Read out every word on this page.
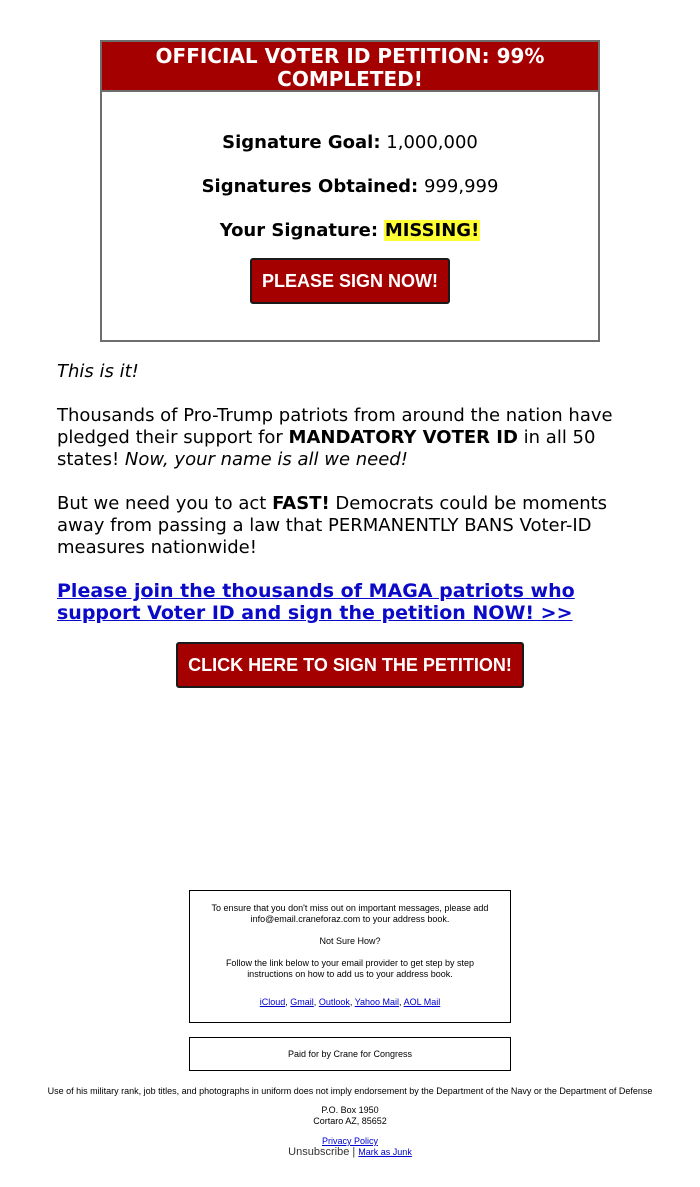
OFFICIAL VOTER ID PETITION: 99% COMPLETED!
Signature Goal: 1,000,000
Signatures Obtained: 999,999
Your Signature: MISSING!
PLEASE SIGN NOW!

This is it!

Thousands of Pro-Trump patriots from around the nation have pledged their support for MANDATORY VOTER ID in all 50 states! Now, your name is all we need!

But we need you to act FAST! Democrats could be moments away from passing a law that PERMANENTLY BANS Voter-ID measures nationwide!

Please join the thousands of MAGA patriots who support Voter ID and sign the petition NOW! >>
CLICK HERE TO SIGN THE PETITION!

To ensure that you don't miss out on important messages, please add info@email.craneforaz.com to your address book.

Not Sure How?

Follow the link below to your email provider to get step by step instructions on how to add us to your address book.

iCloud, Gmail, Outlook, Yahoo Mail, AOL Mail

Paid for by Crane for Congress

Use of his military rank, job titles, and photographs in uniform does not imply endorsement by the Department of the Navy or the Department of Defense

P.O. Box 1950

Cortaro AZ, 85652

Privacy Policy

Unsubscribe | Mark as Junk
